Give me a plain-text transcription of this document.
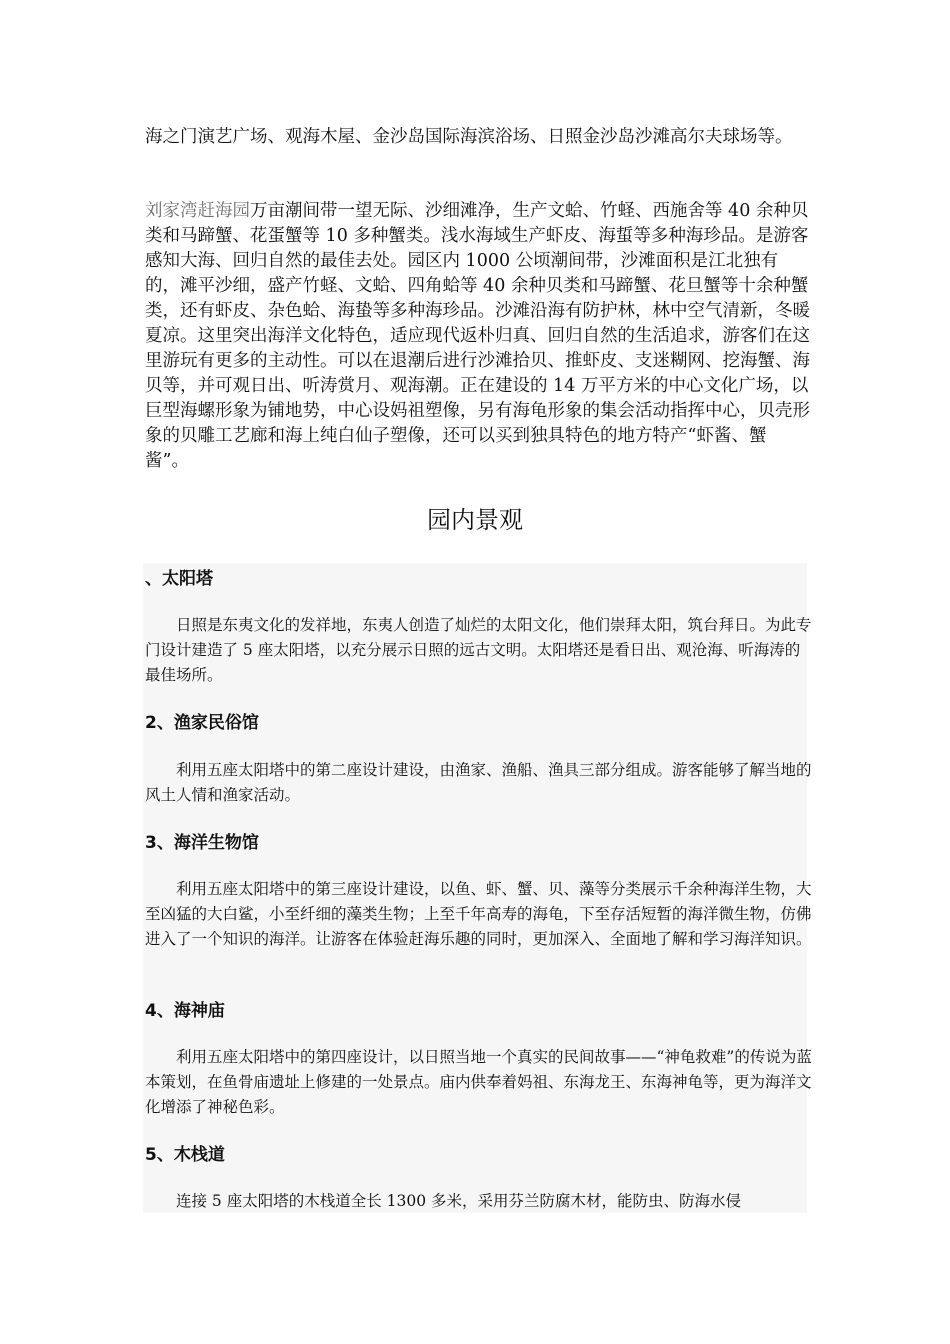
海之门演艺广场、观海木屋、金沙岛国际海滨浴场、日照金沙岛沙滩高尔夫球场等。

刘家湾赶海园万亩潮间带一望无际、沙细滩净，生产文蛤、竹蛏、西施舍等 40 余种贝类和马蹄蟹、花蛋蟹等 10 多种蟹类。浅水海域生产虾皮、海蜇等多种海珍品。是游客感知大海、回归自然的最佳去处。园区内 1000 公顷潮间带，沙滩面积是江北独有的，滩平沙细，盛产竹蛏、文蛤、四角蛤等 40 余种贝类和马蹄蟹、花旦蟹等十余种蟹类，还有虾皮、杂色蛤、海蛰等多种海珍品。沙滩沿海有防护林，林中空气清新，冬暖夏凉。这里突出海洋文化特色，适应现代返朴归真、回归自然的生活追求，游客们在这里游玩有更多的主动性。可以在退潮后进行沙滩拾贝、推虾皮、支迷糊网、挖海蟹、海贝等，并可观日出、听涛赏月、观海潮。正在建设的 14 万平方米的中心文化广场，以巨型海螺形象为铺地势，中心设妈祖塑像，另有海龟形象的集会活动指挥中心，贝壳形象的贝雕工艺廊和海上纯白仙子塑像，还可以买到独具特色的地方特产“虾酱、蟹酱”。

园内景观
、太阳塔

日照是东夷文化的发祥地，东夷人创造了灿烂的太阳文化，他们崇拜太阳，筑台拜日。为此专门设计建造了 5 座太阳塔，以充分展示日照的远古文明。太阳塔还是看日出、观沧海、听海涛的最佳场所。

2、渔家民俗馆

利用五座太阳塔中的第二座设计建设，由渔家、渔船、渔具三部分组成。游客能够了解当地的风土人情和渔家活动。

3、海洋生物馆

利用五座太阳塔中的第三座设计建设，以鱼、虾、蟹、贝、藻等分类展示千余种海洋生物，大至凶猛的大白鲨，小至纤细的藻类生物；上至千年高寿的海龟，下至存活短暂的海洋微生物，仿佛进入了一个知识的海洋。让游客在体验赶海乐趣的同时，更加深入、全面地了解和学习海洋知识。

4、海神庙

利用五座太阳塔中的第四座设计，以日照当地一个真实的民间故事——“神龟救难”的传说为蓝本策划，在鱼骨庙遗址上修建的一处景点。庙内供奉着妈祖、东海龙王、东海神龟等，更为海洋文化增添了神秘色彩。

5、木栈道

连接 5 座太阳塔的木栈道全长 1300 多米，采用芬兰防腐木材，能防虫、防海水侵
